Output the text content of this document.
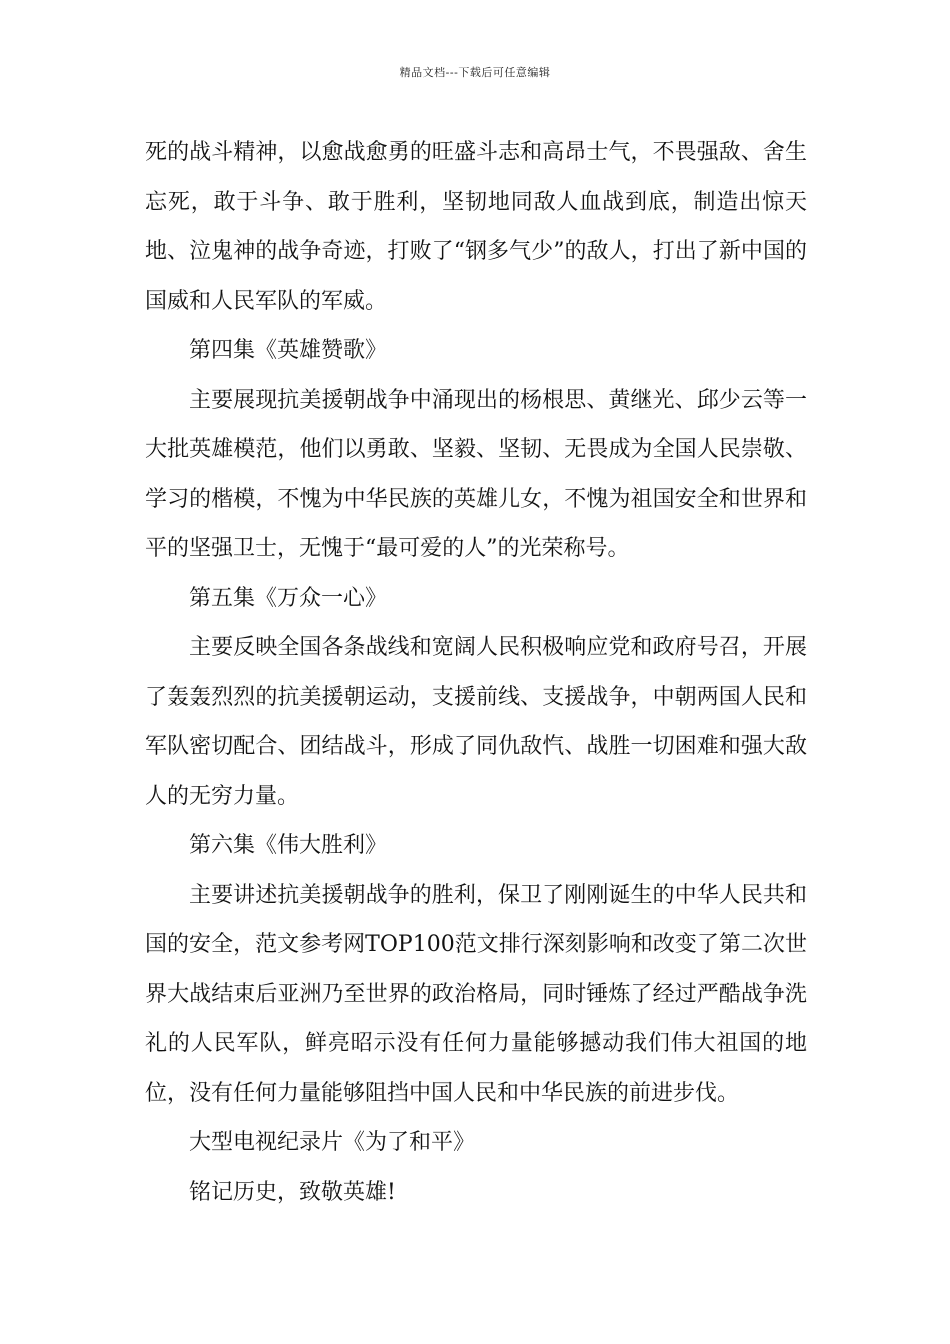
精品文档---下载后可任意编辑

死的战斗精神，以愈战愈勇的旺盛斗志和高昂士气，不畏强敌、舍生忘死，敢于斗争、敢于胜利，坚韧地同敌人血战到底，制造出惊天地、泣鬼神的战争奇迹，打败了“钢多气少”的敌人，打出了新中国的国威和人民军队的军威。

第四集《英雄赞歌》

主要展现抗美援朝战争中涌现出的杨根思、黄继光、邱少云等一大批英雄模范，他们以勇敢、坚毅、坚韧、无畏成为全国人民崇敬、学习的楷模，不愧为中华民族的英雄儿女，不愧为祖国安全和世界和平的坚强卫士，无愧于“最可爱的人”的光荣称号。

第五集《万众一心》

主要反映全国各条战线和宽阔人民积极响应党和政府号召，开展了轰轰烈烈的抗美援朝运动，支援前线、支援战争，中朝两国人民和军队密切配合、团结战斗，形成了同仇敌忾、战胜一切困难和强大敌人的无穷力量。

第六集《伟大胜利》

主要讲述抗美援朝战争的胜利，保卫了刚刚诞生的中华人民共和国的安全，范文参考网TOP100范文排行深刻影响和改变了第二次世界大战结束后亚洲乃至世界的政治格局，同时锤炼了经过严酷战争洗礼的人民军队，鲜亮昭示没有任何力量能够撼动我们伟大祖国的地位，没有任何力量能够阻挡中国人民和中华民族的前进步伐。

大型电视纪录片《为了和平》

铭记历史，致敬英雄!
